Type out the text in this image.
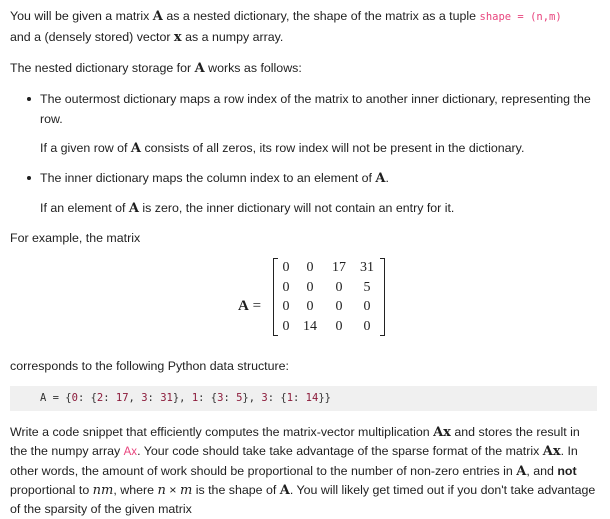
You will be given a matrix A as a nested dictionary, the shape of the matrix as a tuple shape = (n,m)
and a (densely stored) vector x as a numpy array.

The nested dictionary storage for A works as follows:

The outermost dictionary maps a row index of the matrix to another inner dictionary, representing the row.

If a given row of A consists of all zeros, its row index will not be present in the dictionary.

The inner dictionary maps the column index to an element of A.

If an element of A is zero, the inner dictionary will not contain an entry for it.

For example, the matrix

A =
0	0	17	31
0	0	0	5
0	0	0	0
0	14	0	0

corresponds to the following Python data structure:

A = {0: {2: 17, 3: 31}, 1: {3: 5}, 3: {1: 14}}

Write a code snippet that efficiently computes the matrix-vector multiplication Ax and stores the result in the the numpy array Ax. Your code should take take advantage of the sparse format of the matrix Ax. In other words, the amount of work should be proportional to the number of non-zero entries in A, and not proportional to nm, where n × m is the shape of A. You will likely get timed out if you don't take advantage of the sparsity of the given matrix
